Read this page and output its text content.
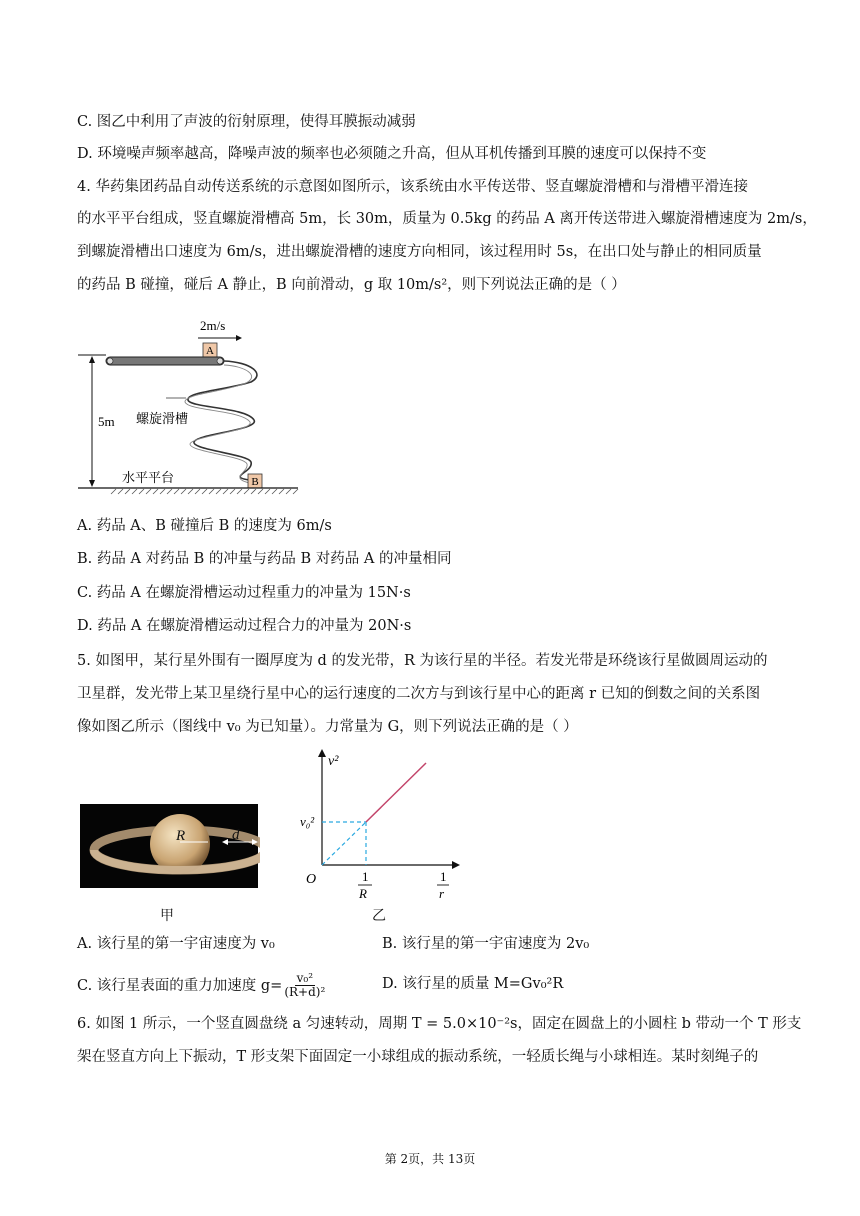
C. 图乙中利用了声波的衍射原理，使得耳膜振动减弱
D. 环境噪声频率越高，降噪声波的频率也必须随之升高，但从耳机传播到耳膜的速度可以保持不变
4. 华药集团药品自动传送系统的示意图如图所示，该系统由水平传送带、竖直螺旋滑槽和与滑槽平滑连接
的水平平台组成，竖直螺旋滑槽高 5m，长 30m，质量为 0.5kg 的药品 A 离开传送带进入螺旋滑槽速度为 2m/s，
到螺旋滑槽出口速度为 6m/s，进出螺旋滑槽的速度方向相同，该过程用时 5s，在出口处与静止的相同质量
的药品 B 碰撞，碰后 A 静止，B 向前滑动，g 取 10m/s²，则下列说法正确的是（ ）
2m/s
A
5m 螺旋滑槽
B
水平平台
A. 药品 A、B 碰撞后 B 的速度为 6m/s
B. 药品 A 对药品 B 的冲量与药品 B 对药品 A 的冲量相同
C. 药品 A 在螺旋滑槽运动过程重力的冲量为 15N·s
D. 药品 A 在螺旋滑槽运动过程合力的冲量为 20N·s
5. 如图甲，某行星外围有一圈厚度为 d 的发光带，R 为该行星的半径。若发光带是环绕该行星做圆周运动的
卫星群，发光带上某卫星绕行星中心的运行速度的二次方与到该行星中心的距离 r 已知的倒数之间的关系图
像如图乙所示（图线中 v₀ 为已知量）。力常量为 G，则下列说法正确的是（ ）
R	d
甲
v²
v₀²
O	1
R
1
r
乙
A. 该行星的第一宇宙速度为 v₀	B. 该行星的第一宇宙速度为 2v₀
C. 该行星表面的重力加速度 $g= \frac{\text{v₀²}}{\text{(R+d)²}}$	D. 该行星的质量 M=Gv₀²R
6. 如图 1 所示，一个竖直圆盘绕 a 匀速转动，周期 T = 5.0×10⁻²s，固定在圆盘上的小圆柱 b 带动一个 T 形支
架在竖直方向上下振动，T 形支架下面固定一小球组成的振动系统，一轻质长绳与小球相连。某时刻绳子的
第 2页，共 13页
